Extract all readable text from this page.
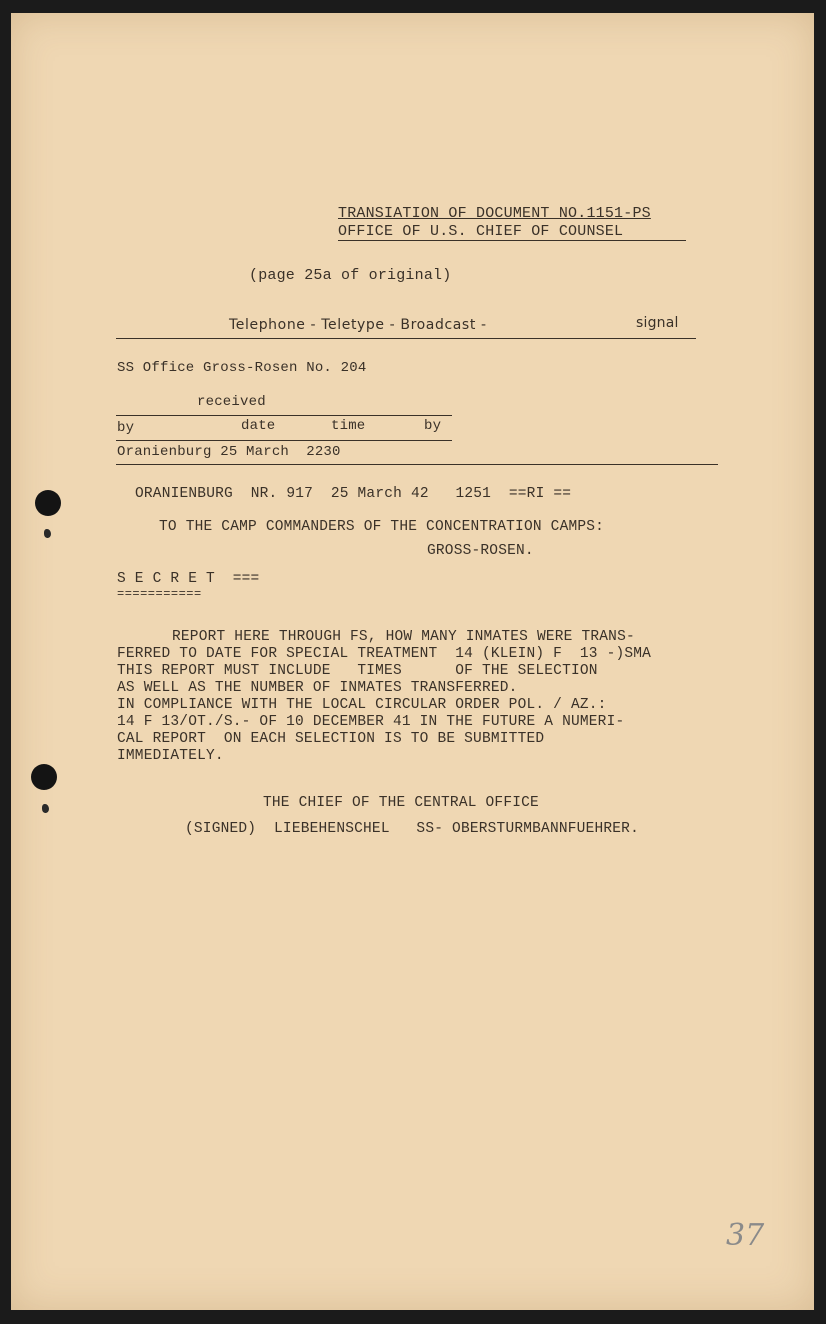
TRANSIATION OF DOCUMENT NO.1151-PS
OFFICE OF U.S. CHIEF OF COUNSEL
(page 25a of original)
Telephone - Teletype - Broadcast -	signal
SS Office Gross-Rosen No. 204
received
by	date	time	by
Oranienburg 25 March  2230
ORANIENBURG  NR. 917  25 March 42   1251  ==RI ==
TO THE CAMP COMMANDERS OF THE CONCENTRATION CAMPS:
GROSS-ROSEN.
S E C R E T  ===
===========
REPORT HERE THROUGH FS, HOW MANY INMATES WERE TRANS-
FERRED TO DATE FOR SPECIAL TREATMENT  14 (KLEIN) F  13 -)SMA
THIS REPORT MUST INCLUDE   TIMES      OF THE SELECTION
AS WELL AS THE NUMBER OF INMATES TRANSFERRED.
IN COMPLIANCE WITH THE LOCAL CIRCULAR ORDER POL. / AZ.:
14 F 13/OT./S.- OF 10 DECEMBER 41 IN THE FUTURE A NUMERI-
CAL REPORT  ON EACH SELECTION IS TO BE SUBMITTED
IMMEDIATELY.
THE CHIEF OF THE CENTRAL OFFICE
(SIGNED)  LIEBEHENSCHEL   SS- OBERSTURMBANNFUEHRER.
37
